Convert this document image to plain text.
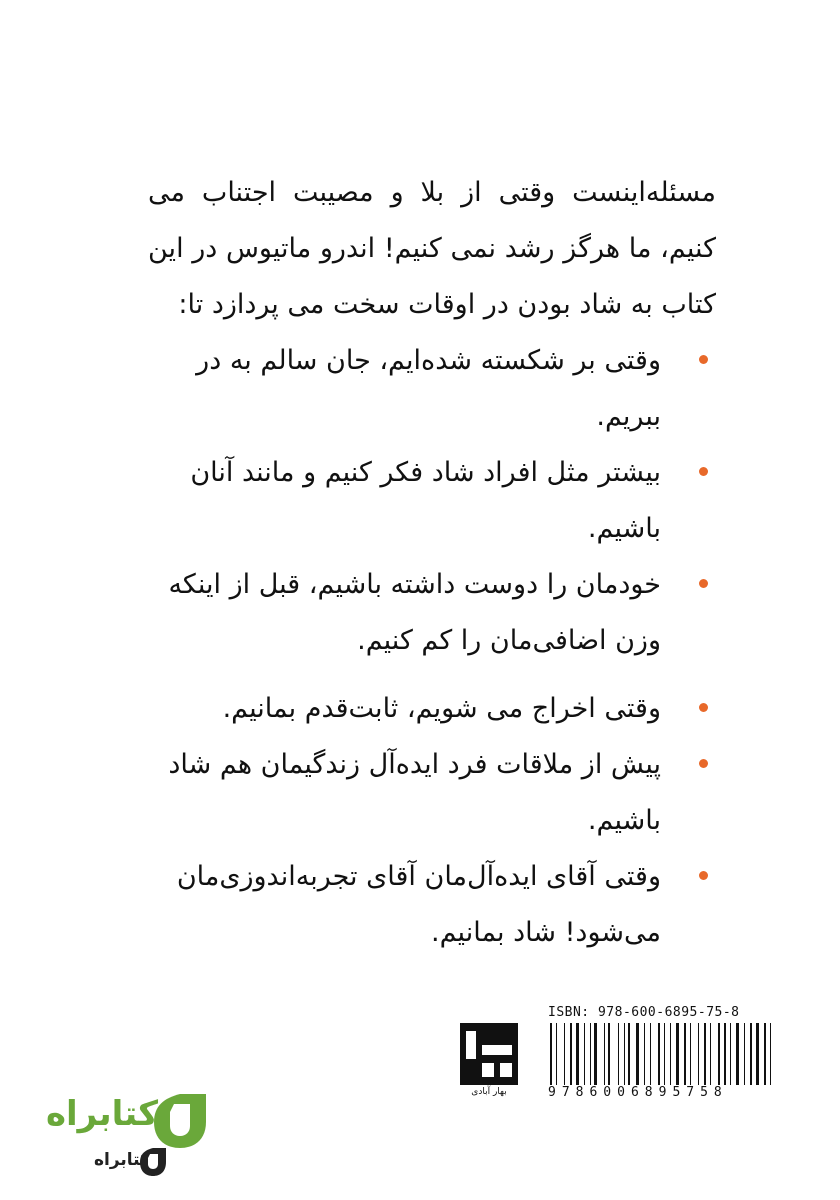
مسئله‌اینست وقتی از بلا و مصیبت اجتناب می کنیم، ما هرگز رشد نمی کنیم! اندرو ماتیوس در این کتاب به شاد بودن در اوقات سخت می پردازد تا:

وقتی بر شکسته شده‌ایم، جان سالم به در ببریم.
بیشتر مثل افراد شاد فکر کنیم و مانند آنان باشیم.
خودمان را دوست داشته باشیم، قبل از اینکه وزن اضافی‌مان را کم کنیم.
وقتی اخراج می شویم، ثابت‌قدم بمانیم.
پیش از ملاقات فرد ایده‌آل زندگیمان هم شاد باشیم.
وقتی آقای ایده‌آل‌مان آقای تجربه‌اندوزی‌مان می‌شود! شاد بمانیم.
بهار آبادی
ISBN: 978-600-6895-75-8
9786006895758
کتابراه
کتابراه
